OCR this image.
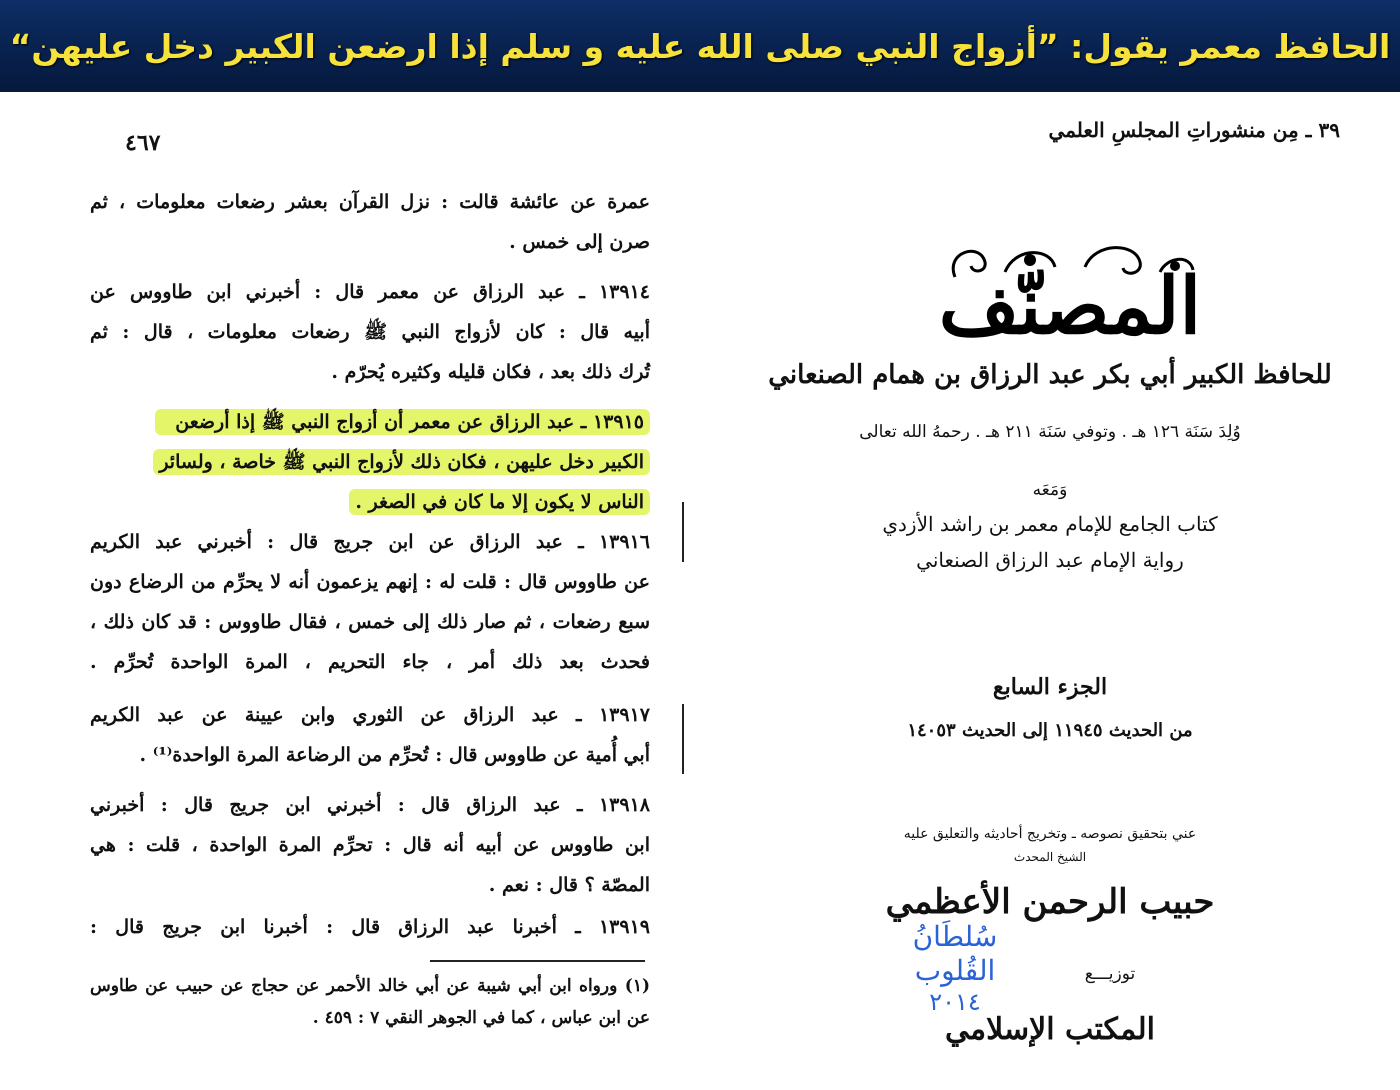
الحافظ معمر يقول: ”أزواج النبي صلى الله عليه و سلم إذا ارضعن الكبير دخل عليهن“
٤٦٧
عمرة عن عائشة قالت : نزل القرآن بعشر رضعات معلومات ، ثم
صرن إلى خمس .
١٣٩١٤ ـ عبد الرزاق عن معمر قال : أخبرني ابن طاووس عن
أبيه قال : كان لأزواج النبي ﷺ رضعات معلومات ، قال : ثم
تُرك ذلك بعد ، فكان قليله وكثيره يُحرّم .
١٣٩١٥ ـ عبد الرزاق عن معمر أن أزواج النبي ﷺ إذا أرضعن
الكبير دخل عليهن ، فكان ذلك لأزواج النبي ﷺ خاصة ، ولسائر
الناس لا يكون إلا ما كان في الصغر .
١٣٩١٦ ـ عبد الرزاق عن ابن جريج قال : أخبرني عبد الكريم
عن طاووس قال : قلت له : إنهم يزعمون أنه لا يحرِّم من الرضاع دون
سبع رضعات ، ثم صار ذلك إلى خمس ، فقال طاووس : قد كان ذلك ،
فحدث بعد ذلك أمر ، جاء التحريم ، المرة الواحدة تُحرِّم .
١٣٩١٧ ـ عبد الرزاق عن الثوري وابن عيينة عن عبد الكريم
أبي أُمية عن طاووس قال : تُحرِّم من الرضاعة المرة الواحدة⁽¹⁾ .
١٣٩١٨ ـ عبد الرزاق قال : أخبرني ابن جريج قال : أخبرني
ابن طاووس عن أبيه أنه قال : تحرِّم المرة الواحدة ، قلت : هي
المصّة ؟ قال : نعم .
١٣٩١٩ ـ أخبرنا عبد الرزاق قال : أخبرنا ابن جريج قال :
(١) ورواه ابن أبي شيبة عن أبي خالد الأحمر عن حجاج عن حبيب عن طاوس
عن ابن عباس ، كما في الجوهر النقي ٧ : ٤٥٩ .
٣٩ ـ مِن منشوراتِ المجلسِ العلمي
المصنّف
للحافظ الكبير أبي بكر عبد الرزاق بن همام الصنعاني
وُلِدَ سَنَة ١٢٦ هـ . وتوفي سَنَة ٢١١ هـ . رحمهُ الله تعالى
وَمَعَه
كتاب الجامع للإمام معمر بن راشد الأزدي
رواية الإمام عبد الرزاق الصنعاني
الجزء السابع
من الحديث ١١٩٤٥ إلى الحديث ١٤٠٥٣
عني بتحقيق نصوصه ـ وتخريج أحاديثه والتعليق عليه
الشيخ المحدث
حبيب الرحمن الأعظمي
توزيـــع
المكتب الإسلامي
سُلطَانُ القُلوب
٢٠١٤
